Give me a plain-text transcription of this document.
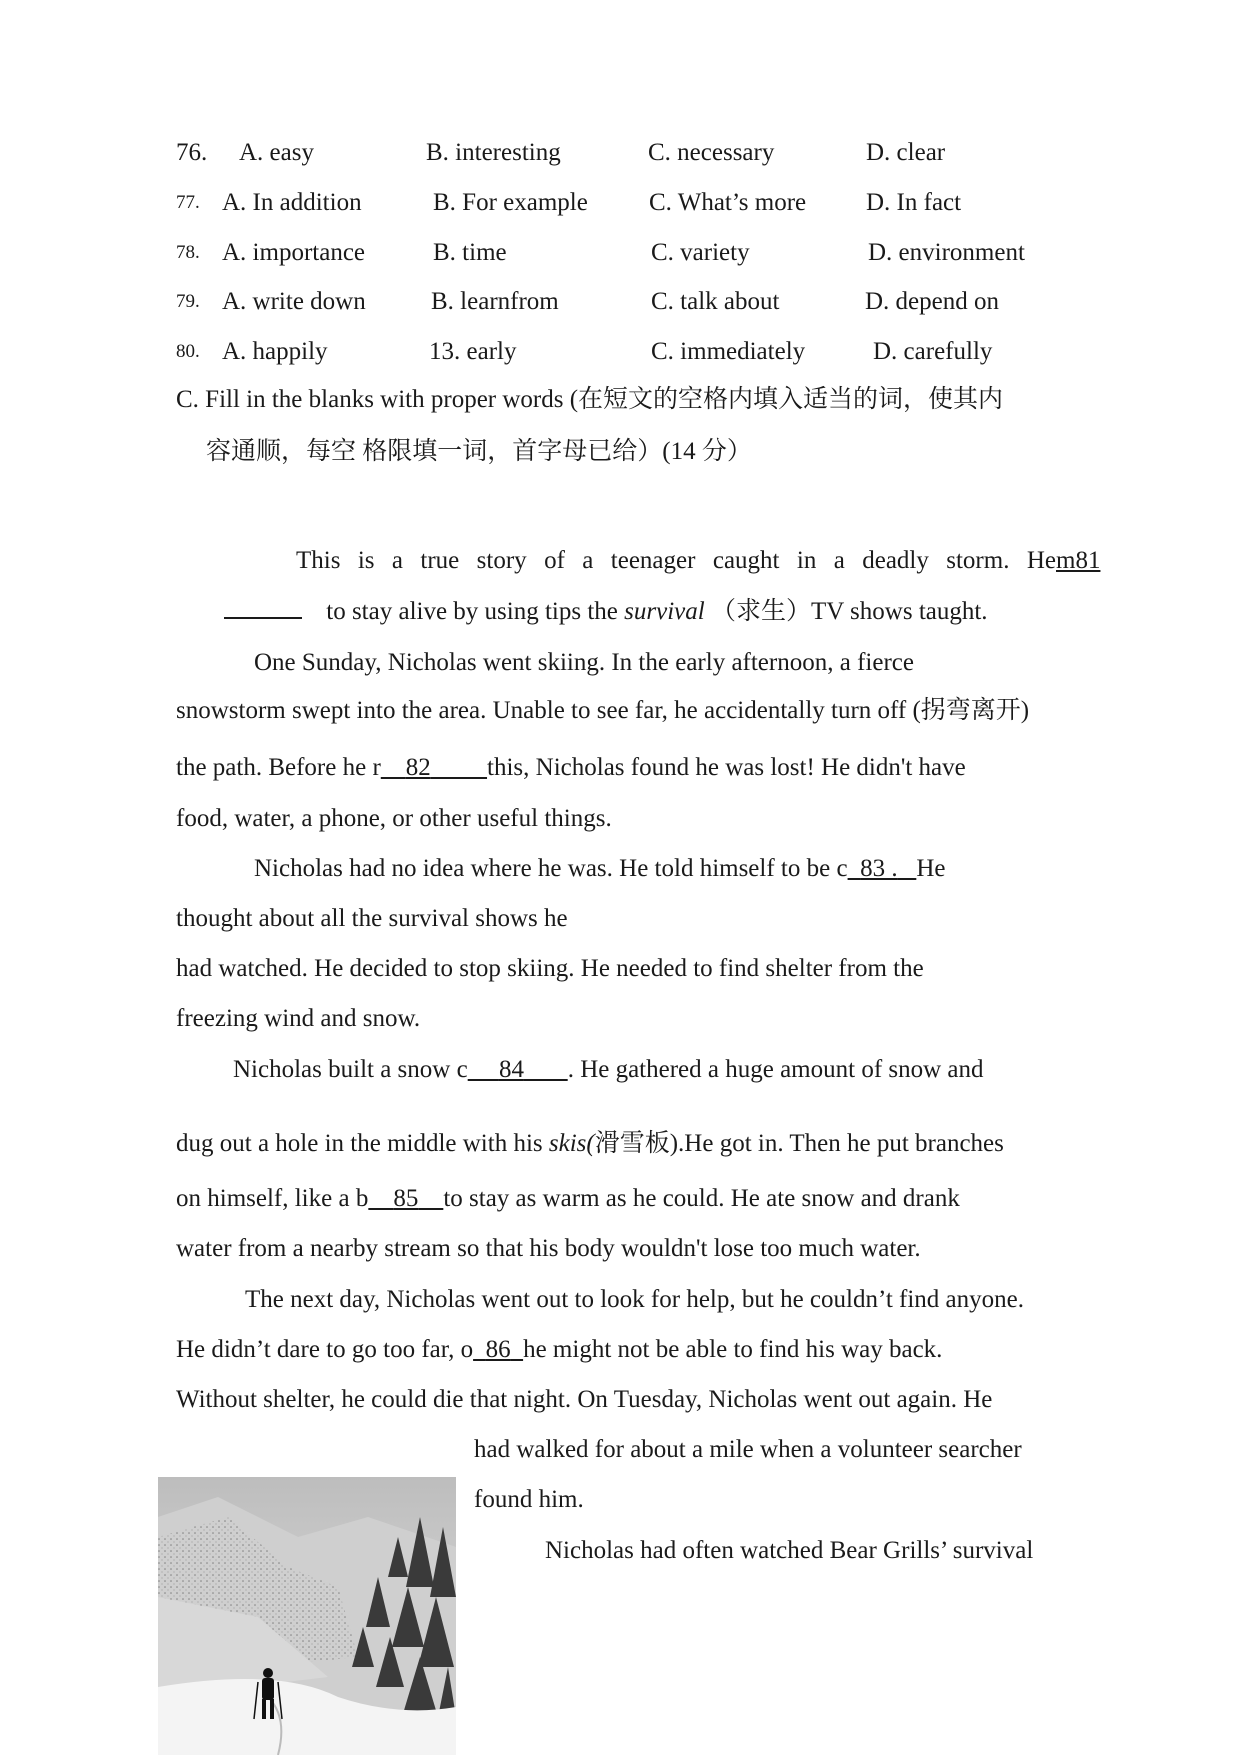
76. A. easy	B. interesting	C. necessary	D. clear
77. A. In addition	B. For example C. What’s more D. In fact
78. A. importance	B. time	C. variety	D. environment
79. A. write down	B. learnfrom	C. talk about	D. depend on
80. A. happily	13. early	C. immediately	D. carefully
C. Fill in the blanks with proper words (在短文的空格内填入适当的词，使其内
容通顺，每空 格限填一词，首字母已给）(14 分）
This is a true story of a teenager caught in a deadly storm. Hem81
to stay alive by using tips the survival （求生）TV shows taught.
One Sunday, Nicholas went skiing. In the early afternoon, a fierce
snowstorm swept into the area. Unable to see far, he accidentally turn off (拐弯离开)
the path. Before he r 82 this, Nicholas found he was lost! He didn't have
food, water, a phone, or other useful things.
Nicholas had no idea where he was. He told himself to be c 83 . He
thought about all the survival shows he
had watched. He decided to stop skiing. He needed to find shelter from the
freezing wind and snow.
Nicholas built a snow c 84 . He gathered a huge amount of snow and
dug out a hole in the middle with his skis(滑雪板).He got in. Then he put branches
on himself, like a b 85 to stay as warm as he could. He ate snow and drank
water from a nearby stream so that his body wouldn't lose too much water.
The next day, Nicholas went out to look for help, but he couldn’t find anyone.
He didn’t dare to go too far, o 86 he might not be able to find his way back.
Without shelter, he could die that night. On Tuesday, Nicholas went out again. He
had walked for about a mile when a volunteer searcher
found him.
Nicholas had often watched Bear Grills’ survival
